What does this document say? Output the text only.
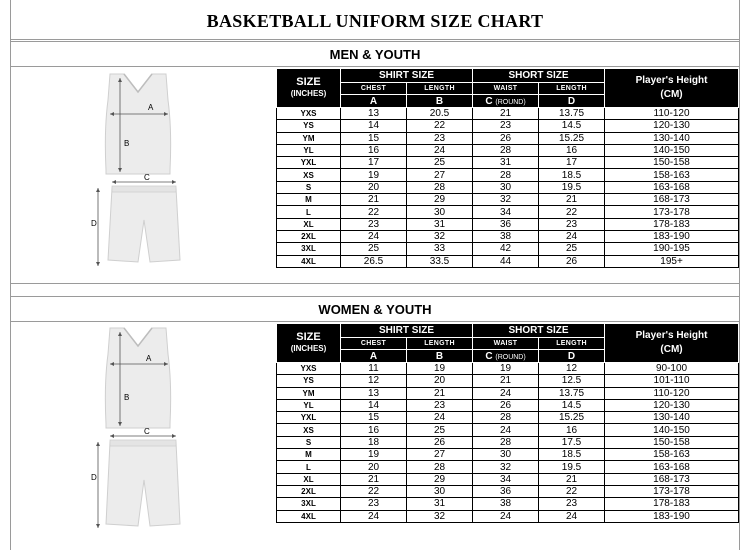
BASKETBALL UNIFORM SIZE CHART
MEN & YOUTH
A
B
C
D
SIZE
(INCHES)	SHIRT SIZE		SHORT SIZE		Player's Height
(CM)
	CHEST	LENGTH	WAIST	LENGTH	
	A	B	C (ROUND)	D	
YXS	13	20.5	21	13.75	110-120
YS	14	22	23	14.5	120-130
YM	15	23	26	15.25	130-140
YL	16	24	28	16	140-150
YXL	17	25	31	17	150-158
XS	19	27	28	18.5	158-163
S	20	28	30	19.5	163-168
M	21	29	32	21	168-173
L	22	30	34	22	173-178
XL	23	31	36	23	178-183
2XL	24	32	38	24	183-190
3XL	25	33	42	25	190-195
4XL	26.5	33.5	44	26	195+
WOMEN & YOUTH
A
B
C
D
SIZE
(INCHES)	SHIRT SIZE		SHORT SIZE		Player's Height
(CM)
	CHEST	LENGTH	WAIST	LENGTH	
	A	B	C (ROUND)	D	
YXS	11	19	19	12	90-100
YS	12	20	21	12.5	101-110
YM	13	21	24	13.75	110-120
YL	14	23	26	14.5	120-130
YXL	15	24	28	15.25	130-140
XS	16	25	24	16	140-150
S	18	26	28	17.5	150-158
M	19	27	30	18.5	158-163
L	20	28	32	19.5	163-168
XL	21	29	34	21	168-173
2XL	22	30	36	22	173-178
3XL	23	31	38	23	178-183
4XL	24	32	24	24	183-190
